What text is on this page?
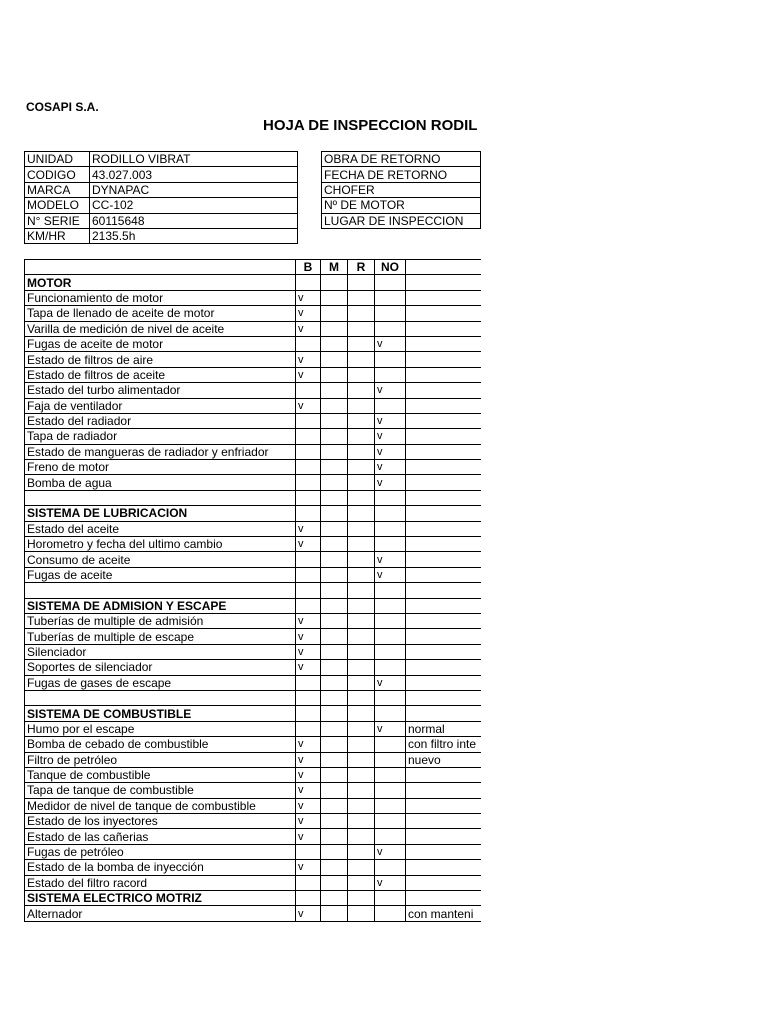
COSAPI S.A.
HOJA DE INSPECCION RODIL
UNIDAD	RODILLO VIBRAT
CODIGO	43.027.003
MARCA	DYNAPAC
MODELO	CC-102
N° SERIE	60115648
KM/HR	2135.5h
OBRA DE RETORNO
FECHA DE RETORNO
CHOFER
Nº DE MOTOR
LUGAR DE INSPECCION
	B	M	R	NO	
MOTOR					
Funcionamiento de motor	v				
Tapa de llenado de aceite de motor	v				
Varilla de medición de nivel de aceite	v				
Fugas de aceite de motor				v	
Estado de filtros de aire	v				
Estado de filtros de aceite	v				
Estado del turbo alimentador				v	
Faja de ventilador	v				
Estado del radiador				v	
Tapa de radiador				v	
Estado de mangueras de radiador y enfriador				v	
Freno de motor				v	
Bomba de agua				v	

SISTEMA DE LUBRICACION					
Estado del aceite	v				
Horometro y fecha del ultimo cambio	v				
Consumo de aceite				v	
Fugas de aceite				v	

SISTEMA DE ADMISION Y ESCAPE					
Tuberías de multiple de admisión	v				
Tuberías de multiple de escape	v				
Silenciador	v				
Soportes de silenciador	v				
Fugas de gases de escape				v	

SISTEMA DE COMBUSTIBLE					
Humo por el escape				v	normal
Bomba de cebado de combustible	v				con filtro inte
Filtro de petróleo	v				nuevo
Tanque de combustible	v				
Tapa de tanque de combustible	v				
Medidor de nivel de tanque de combustible	v				
Estado de los inyectores	v				
Estado de las cañerias	v				
Fugas de petróleo				v	
Estado de la bomba de inyección	v				
Estado del filtro racord				v	
SISTEMA ELECTRICO MOTRIZ					
Alternador	v				con manteni
